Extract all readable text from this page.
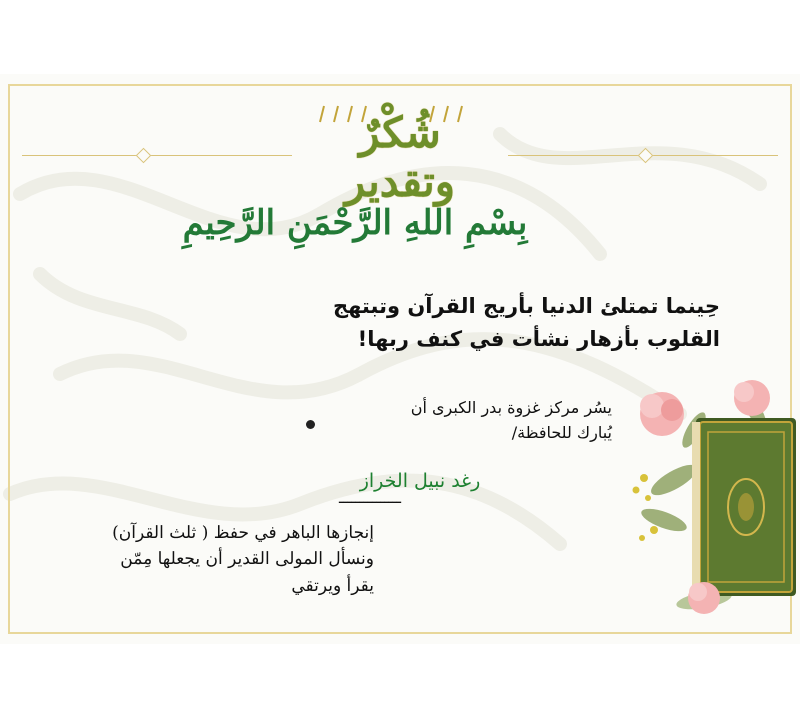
شُكْرٌ وتقدير
بِسْمِ اللهِ الرَّحْمَنِ الرَّحِيمِ
حِينما تمتلئ الدنيا بأريج القرآن وتبتهج
القلوب بأزهار نشأت في كنف ربها!
يسُر مركز غزوة بدر الكبرى أن
يُبارك للحافظة/
رغد نبيل الخراز
---------------
إنجازها الباهر في حفظ ( ثلث القرآن)
ونسأل المولى القدير أن يجعلها مِمّن
يقرأ ويرتقي
